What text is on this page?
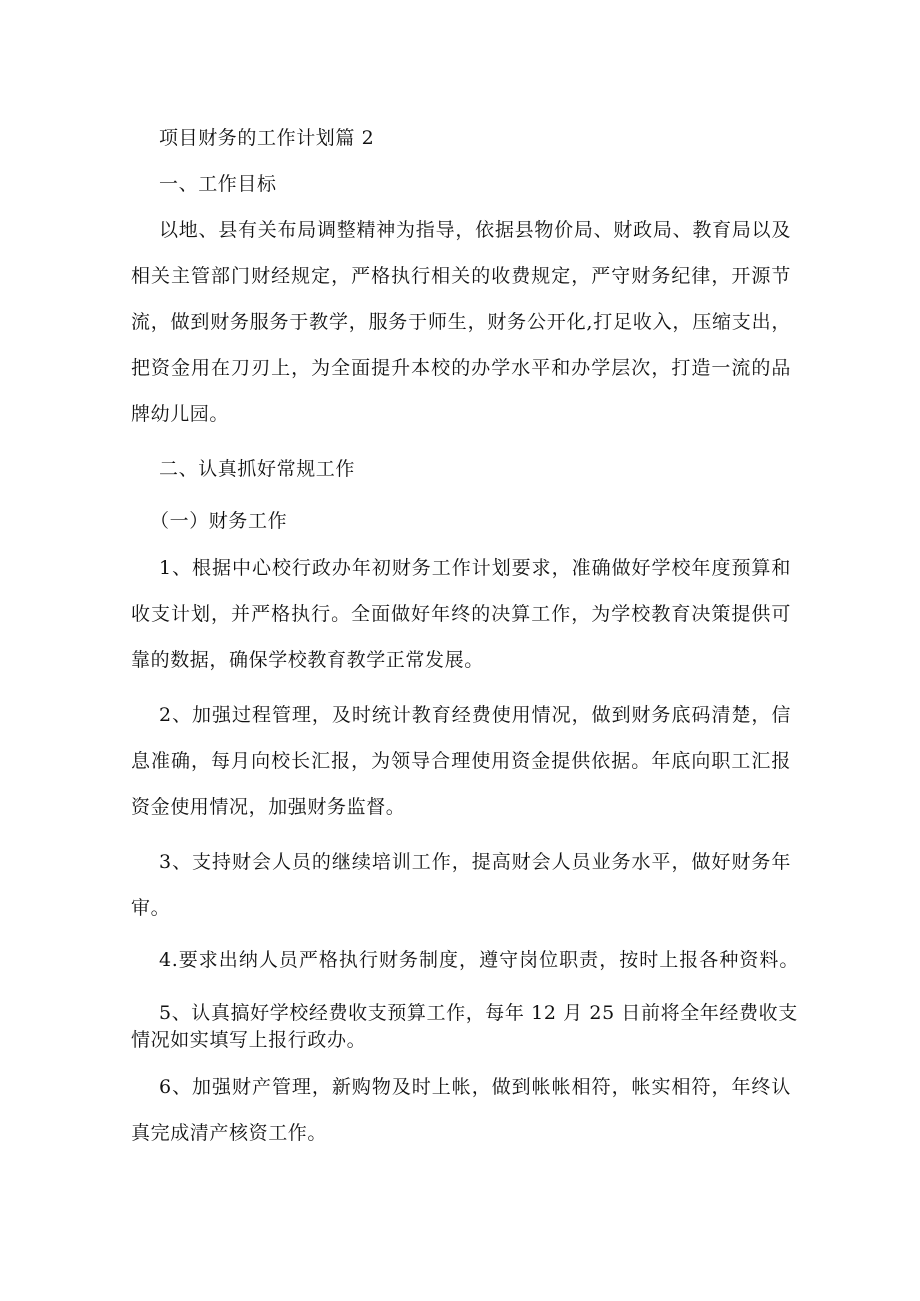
项目财务的工作计划篇 2
一、工作目标
以地、县有关布局调整精神为指导，依据县物价局、财政局、教育局以及
相关主管部门财经规定，严格执行相关的收费规定，严守财务纪律，开源节
流，做到财务服务于教学，服务于师生，财务公开化,打足收入，压缩支出，
把资金用在刀刃上，为全面提升本校的办学水平和办学层次，打造一流的品
牌幼儿园。
二、认真抓好常规工作
（一）财务工作
1、根据中心校行政办年初财务工作计划要求，准确做好学校年度预算和
收支计划，并严格执行。全面做好年终的决算工作，为学校教育决策提供可
靠的数据，确保学校教育教学正常发展。
2、加强过程管理，及时统计教育经费使用情况，做到财务底码清楚，信
息准确，每月向校长汇报，为领导合理使用资金提供依据。年底向职工汇报
资金使用情况，加强财务监督。
3、支持财会人员的继续培训工作，提高财会人员业务水平，做好财务年
审。
4.要求出纳人员严格执行财务制度，遵守岗位职责，按时上报各种资料。
5、认真搞好学校经费收支预算工作，每年 12 月 25 日前将全年经费收支
情况如实填写上报行政办。
6、加强财产管理，新购物及时上帐，做到帐帐相符，帐实相符，年终认
真完成清产核资工作。
